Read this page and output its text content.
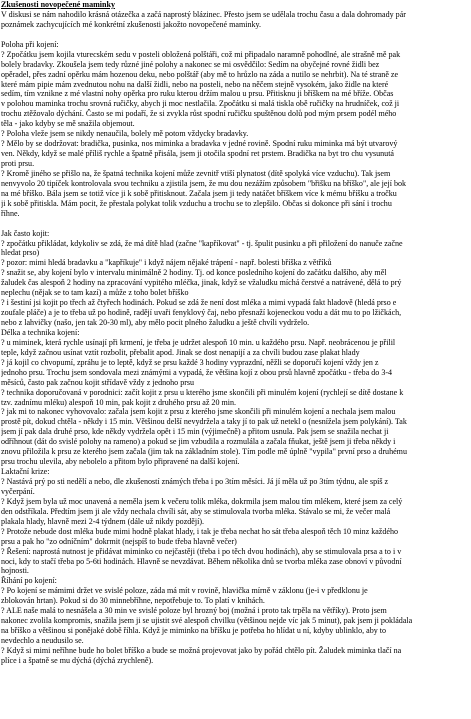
Zkušenosti novopečené maminky
V diskusi se nám nahodilo krásná otázečka a začá naprostý blázinec. Přesto jsem se udělala trochu času a dala dohromady pár
poznámek zachycujících mé konkrétní zkušenosti jakožto novopečené maminky.
Poloha při kojení:
? Zpočátku jsem kojila vturecském sedu v posteli obložená polštáři, což mi připadalo naramně pohodlné, ale strašně mě pak
bolely bradavky. Zkoušela jsem tedy různé jiné polohy a nakonec se mi osvědčilo: Sedím na obyčejné rovné židli bez
opěradel, přes zadní opěrku mám hozenou deku, nebo polštář (aby mě to hrůzlo na záda a nutilo se nehrbit). Na té straně ze
které mám pipie mám zvednutou nohu na další židli, nebo na posteli, nebo na něčem stejně vysokém, jako židle na které
sedím, tím vznikne z mé vlastní nohy opěrka pro ruku kterou držím malou u prsu. Přitisknu ji bříškem na mé bříže. Občas
v polohou maminka trochu srovná ručičky, abych ji moc nestlačila. Zpočátku si malá tiskla obě ručičky na hrudníček, což ji
trochu ztěžovalo dýchání. Často se mi podaří, že si zvykla růst spodní ručičku spuštěnou dolů pod mým prsem podél mého
těla - jako kdyby se mě snažila objemout.
? Poloha vleže jsem se nikdy nenaučila, bolely mě potom vždycky bradavky.
? Mělo by se dodržovat: bradička, pusinka, nos miminka a bradavka v jedné rovině. Spodní ruku miminka má být utvarový
ven. Někdy, když se malé příliš rychle a špatně přisála, jsem ji otočila spodní ret prstem. Bradička na byt tro chu vysunutá
proti prsu.
? Kromě jiného se přišlo na, že špatná technika kojení může zevnitř vtiší plynatost (dítě spolyká více vzduchu). Tak jsem
nenvyvolo 20 tipíček kontrolovala svou techniku a zjistila jsem, že mu dou nezážím způsobem "břišku na bříško", ale její bok
na mé bříško. Bála jsem se totiž více ji k sobě přitisknout. Začala jsem ji tedy natáčet bříškem více k mému bříšku a tročku
ji k sobě přitiskla. Mám pocit, že přestala polykat tolik vzduchu a trochu se to zlepšilo. Občas si dokonce při sání i trochu
říhne.
Jak často kojit:
? zpočátku přikládat, kdykoliv se zdá, že má dítě hlad (začne "kapříkovat" - tj. špulit pusinku a při přiložení do nanuče začne
hledat prso)
? pozor: mimi hledá bradavku a "kapříkuje" i když nájem nějaké trápení - např. bolesti bříška z větříků
? snažit se, aby kojení bylo v intervalu minimálně 2 hodiny. Tj. od konce posledního kojení do začátku dalšího, aby měl
žaludek čas alespoň 2 hodiny na zpracování vypitého mléčka, jinak, když se vžaludku míchá čerstvé a natrávené, dělá to prý
neplechu (nějak se to tam kazí) a může z toho bolet bříško
? i šestiní jsi kojit po třech až čtyřech hodinách. Pokud se zdá že není dost mléka a mimi vypadá fakt hladově (hledá prso e
zoufale pláče) a je to třeba už po hodině, radějí uvaři fenyklový čaj, nebo přesnaží kojeneckou vodu a dát mu to po lžičkách,
nebo z lahvičky (našo, jen tak 20-30 ml), aby mělo pocit plného žaludku a ještě chvíli vydrželo.
Délka a technika kojení:
? u miminek, která rychle usínají při krmení, je třeba je udržet alespoň 10 min. u každého prsu. Např. neobrácenou je přilil
teple, když začnou usínat vztít rozbolit, přebalit apod. Jinak se dost nenapijí a za chvíli budou zase plakat hlady
? já kojil co chvopumí, zpráhu je to leptě, když se prsu každé 3 hodiny vyprazdní, něžli se doporučí kojení vždy jen z
jednoho prsu. Trochu jsem sondovala mezi známými a vypadá, že většina kojí z obou prsů hlavně zpočátku - třeba do 3-4
měsíců, často pak začnou kojit střídavě vždy z jednoho prsu
? technika doporučovaná v porodnici: začít kojit z prsu u kterého jsme skončili při minulém kojení (rychlejí se dítě dostane k
tzv. zadnímu mléku) alespoň 10 min, pak kojit z druhého prsu až 20 min.
? jak mi to nakonec vyhovovalo: začala jsem kojit z prsu z kterého jsme skončili při minulém kojení a nechala jsem malou
prostě pít, dokud chtěla - někdy i 15 min. Většinou delší nevydržela a taky jí to pak už netekl o (nesnížela jsem polykání). Tak
jsem jí pak dala druhé prso, kde někdy vydržela opět i 15 min (výjimečně) a přitom usnula. Pak jsem se snažila nechat ji
odříhnout (dát do svislé polohy na rameno) a pokud se jim vzbudila a rozmulála a začala fňukat, ještě jsem ji třeba někdy i
znovu přiložila k prsu ze kterého jsem začala (jim tak na základním stole). Tím podle mě úplně "vypila" první prso a druhému
prsu trochu ulevila, aby nebolelo a přitom bylo připravené na další kojení.
Laktační krize:
? Nastává prý po sti nedělí a nebo, dle zkušeností známých třeba i po 3tím měsíci. Já jí měla už po 3tím týdnu, ale spíš z
vyčerpání.
? Když jsem byla už moc unavená a neměla jsem k večeru tolik mléka, dokrmila jsem malou tím mlékem, které jsem za celý
den odstříkala. Předtím jsem ji ale vždy nechala chvíli sát, aby se stimulovala tvorba mléka. Stávalo se mi, že večer malá
plakala hlady, hlavně mezi 2-4 týdnem (dále už nikdy pozdějí).
? Protože nebude dost mléka bude mimi hodně plakat hlady, i tak je třeba nechat ho sát třeba alespoň těch 10 minz každého
prsu a pak ho "zo odníčním" dokrmit (nejspíš to bude třeba hlavně večer)
? Řešení: naprostá nutnost je přidávat miminko co nejčastěji (třeba i po těch dvou hodinách), aby se stimulovala prsa a to i v
noci, kdy to stačí třeba po 5-6ti hodinách. Hlavně se nevzdávat. Během několika dnů se tvorba mléka zase obnoví v původní
hojnosti.
Říhání po kojení:
? Po kojení se mámimi držet ve svislé poloze, záda má mít v rovině, hlavička mírně v záklonu (je-i v předklonu je
zblokován hrtan). Pokud si do 30 minnebříhne, nepotřebuje to. To platí v knihách.
? ALE naše malá to nesnášela a 30 min ve svislé poloze byl hrozný boj (možná i proto tak trpěla na větříky). Proto jsem
nakonec zvolila kompromis, snažila jsem ji se ujistit své alespoň chvilku (většinou nejde víc jak 5 minut), pak jsem ji pokládala
na bříško a většinou si ponějaké době říhla. Když je miminko na bříšku je potřeba ho hlídat u ní, kdyby ublinklo, aby to
nevdechlo a neudusilo se.
? Když si mimi neříhne bude ho bolet bříško a bude se možná projevovat jako by pořád chtělo pít. Žaludek miminka tlačí na
plíce i a špatně se mu dýchá (dýchá zrychleně).
